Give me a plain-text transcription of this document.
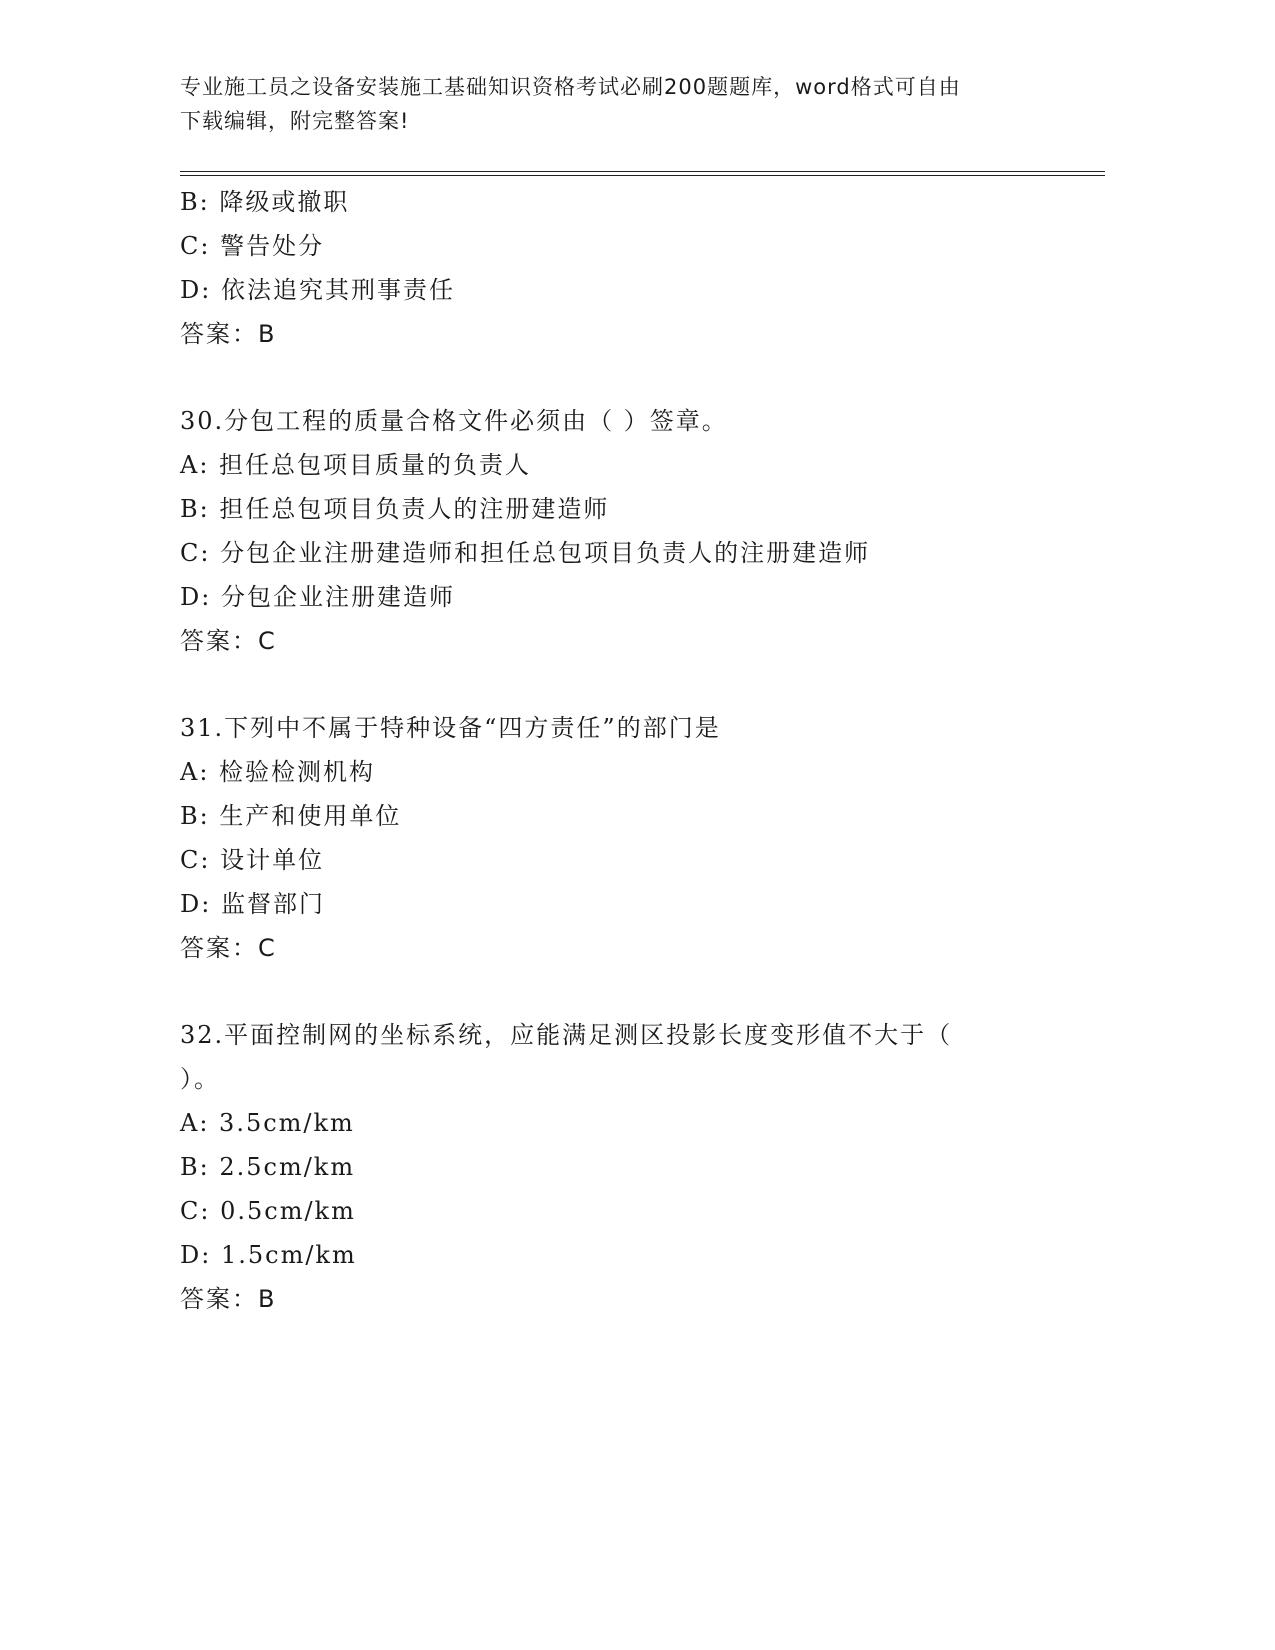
专业施工员之设备安装施工基础知识资格考试必刷200题题库，word格式可自由
下载编辑，附完整答案!
B: 降级或撤职
C: 警告处分
D: 依法追究其刑事责任
答案：B
30.分包工程的质量合格文件必须由（ ）签章。
A: 担任总包项目质量的负责人
B: 担任总包项目负责人的注册建造师
C: 分包企业注册建造师和担任总包项目负责人的注册建造师
D: 分包企业注册建造师
答案：C
31.下列中不属于特种设备“四方责任”的部门是
A: 检验检测机构
B: 生产和使用单位
C: 设计单位
D: 监督部门
答案：C
32.平面控制网的坐标系统，应能满足测区投影长度变形值不大于（
）。
A: 3.5cm/km
B: 2.5cm/km
C: 0.5cm/km
D: 1.5cm/km
答案：B
